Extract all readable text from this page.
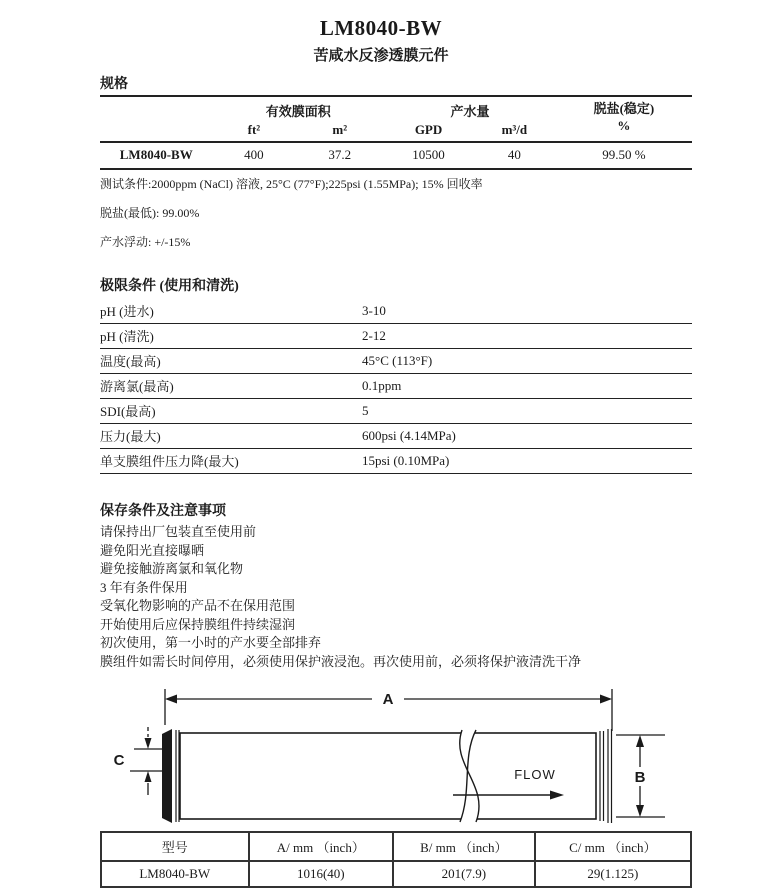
LM8040-BW
苦咸水反渗透膜元件
规格
	有效膜面积		产水量		脱盐(稳定)
%

	ft²	m²	GPD	m³/d	
LM8040-BW	400	37.2	10500	40	99.50 %
测试条件:2000ppm (NaCl) 溶液, 25°C (77°F);225psi (1.55MPa); 15% 回收率
脱盐(最低): 99.00%
产水浮动: +/-15%
极限条件 (使用和清洗)
pH (进水)	3-10
pH (清洗)	2-12
温度(最高)	45°C (113°F)
游离氯(最高)	0.1ppm
SDI(最高)	5
压力(最大)	600psi (4.14MPa)
单支膜组件压力降(最大)	15psi (0.10MPa)
保存条件及注意事项
请保持出厂包装直至使用前
避免阳光直接曝晒
避免接触游离氯和氧化物
3 年有条件保用
受氧化物影响的产品不在保用范围
开始使用后应保持膜组件持续湿润
初次使用，第一小时的产水要全部排弃
膜组件如需长时间停用，必须使用保护液浸泡。再次使用前，必须将保护液清洗干净
A
FLOW	B
C
型号	A/ mm （inch）	B/ mm （inch）	C/ mm （inch）
LM8040-BW	1016(40)	201(7.9)	29(1.125)
